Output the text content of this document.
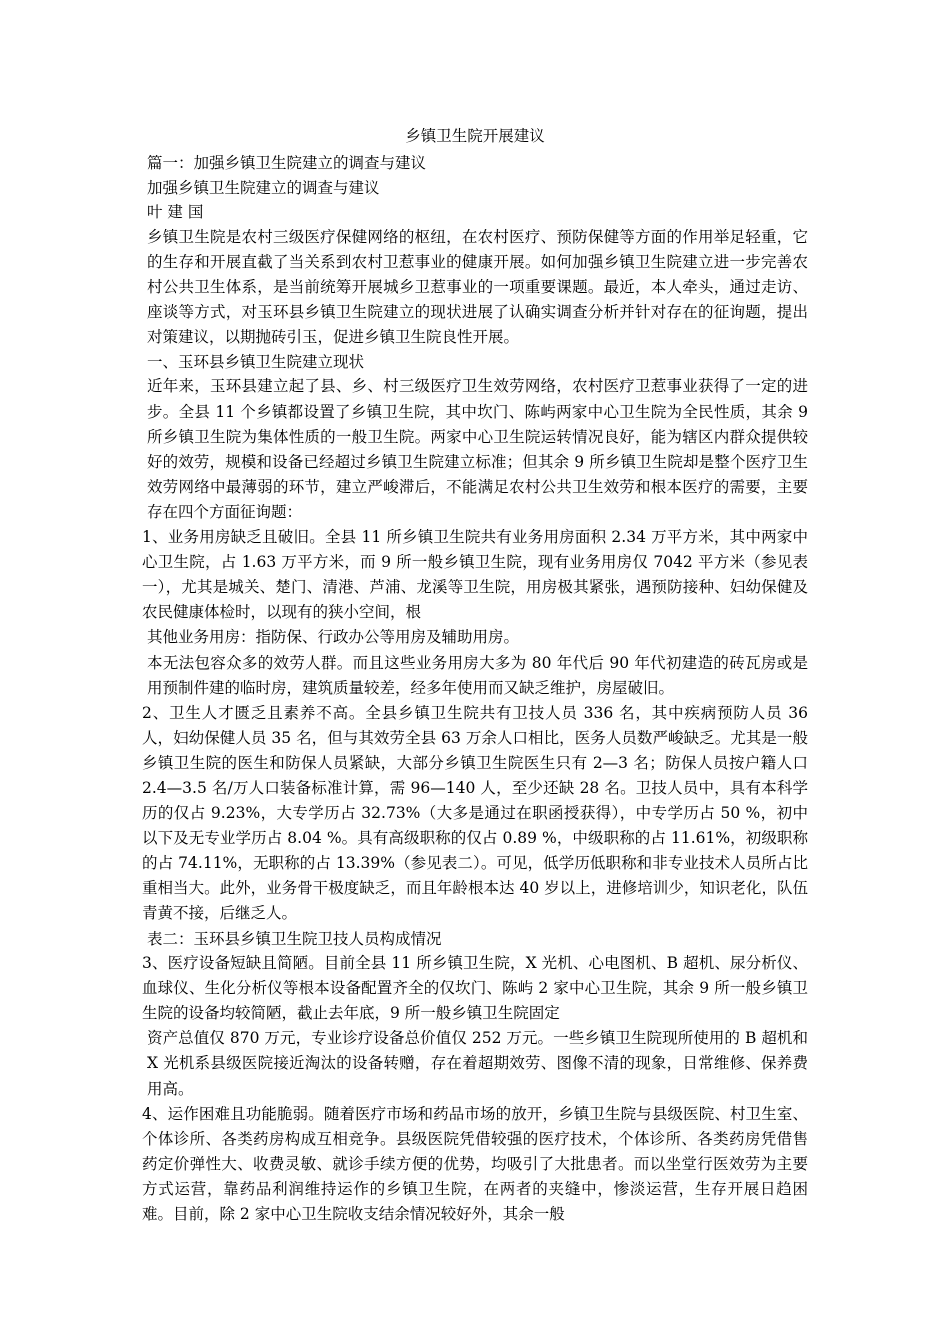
乡镇卫生院开展建议
篇一：加强乡镇卫生院建立的调查与建议
加强乡镇卫生院建立的调查与建议
叶 建 国
乡镇卫生院是农村三级医疗保健网络的枢纽，在农村医疗、预防保健等方面的作用举足轻重，它的生存和开展直截了当关系到农村卫惹事业的健康开展。如何加强乡镇卫生院建立进一步完善农村公共卫生体系，是当前统筹开展城乡卫惹事业的一项重要课题。最近，本人牵头，通过走访、座谈等方式，对玉环县乡镇卫生院建立的现状进展了认确实调查分析并针对存在的征询题，提出对策建议，以期抛砖引玉，促进乡镇卫生院良性开展。
一、玉环县乡镇卫生院建立现状
近年来，玉环县建立起了县、乡、村三级医疗卫生效劳网络，农村医疗卫惹事业获得了一定的进步。全县 11 个乡镇都设置了乡镇卫生院，其中坎门、陈屿两家中心卫生院为全民性质，其余 9 所乡镇卫生院为集体性质的一般卫生院。两家中心卫生院运转情况良好，能为辖区内群众提供较好的效劳，规模和设备已经超过乡镇卫生院建立标准；但其余 9 所乡镇卫生院却是整个医疗卫生效劳网络中最薄弱的环节，建立严峻滞后，不能满足农村公共卫生效劳和根本医疗的需要，主要存在四个方面征询题：
1、业务用房缺乏且破旧。全县 11 所乡镇卫生院共有业务用房面积 2.34 万平方米，其中两家中心卫生院，占 1.63 万平方米，而 9 所一般乡镇卫生院，现有业务用房仅 7042 平方米（参见表一），尤其是城关、楚门、清港、芦浦、龙溪等卫生院，用房极其紧张，遇预防接种、妇幼保健及农民健康体检时，以现有的狭小空间，根
其他业务用房：指防保、行政办公等用房及辅助用房。
本无法包容众多的效劳人群。而且这些业务用房大多为 80 年代后 90 年代初建造的砖瓦房或是用预制件建的临时房，建筑质量较差，经多年使用而又缺乏维护，房屋破旧。
2、卫生人才匮乏且素养不高。全县乡镇卫生院共有卫技人员 336 名，其中疾病预防人员 36 人，妇幼保健人员 35 名，但与其效劳全县 63 万余人口相比，医务人员数严峻缺乏。尤其是一般乡镇卫生院的医生和防保人员紧缺，大部分乡镇卫生院医生只有 2—3 名；防保人员按户籍人口 2.4—3.5 名/万人口装备标准计算，需 96—140 人，至少还缺 28 名。卫技人员中，具有本科学历的仅占 9.23%，大专学历占 32.73%（大多是通过在职函授获得），中专学历占 50 %，初中以下及无专业学历占 8.04 %。具有高级职称的仅占 0.89 %，中级职称的占 11.61%，初级职称的占 74.11%，无职称的占 13.39%（参见表二）。可见，低学历低职称和非专业技术人员所占比重相当大。此外，业务骨干极度缺乏，而且年龄根本达 40 岁以上，进修培训少，知识老化，队伍青黄不接，后继乏人。
表二：玉环县乡镇卫生院卫技人员构成情况
3、医疗设备短缺且简陋。目前全县 11 所乡镇卫生院，X 光机、心电图机、B 超机、尿分析仪、血球仪、生化分析仪等根本设备配置齐全的仅坎门、陈屿 2 家中心卫生院，其余 9 所一般乡镇卫生院的设备均较简陋，截止去年底，9 所一般乡镇卫生院固定
资产总值仅 870 万元，专业诊疗设备总价值仅 252 万元。一些乡镇卫生院现所使用的 B 超机和 X 光机系县级医院接近淘汰的设备转赠，存在着超期效劳、图像不清的现象，日常维修、保养费用高。
4、运作困难且功能脆弱。随着医疗市场和药品市场的放开，乡镇卫生院与县级医院、村卫生室、个体诊所、各类药房构成互相竞争。县级医院凭借较强的医疗技术，个体诊所、各类药房凭借售药定价弹性大、收费灵敏、就诊手续方便的优势，均吸引了大批患者。而以坐堂行医效劳为主要方式运营，靠药品利润维持运作的乡镇卫生院，在两者的夹缝中，惨淡运营，生存开展日趋困难。目前，除 2 家中心卫生院收支结余情况较好外，其余一般
